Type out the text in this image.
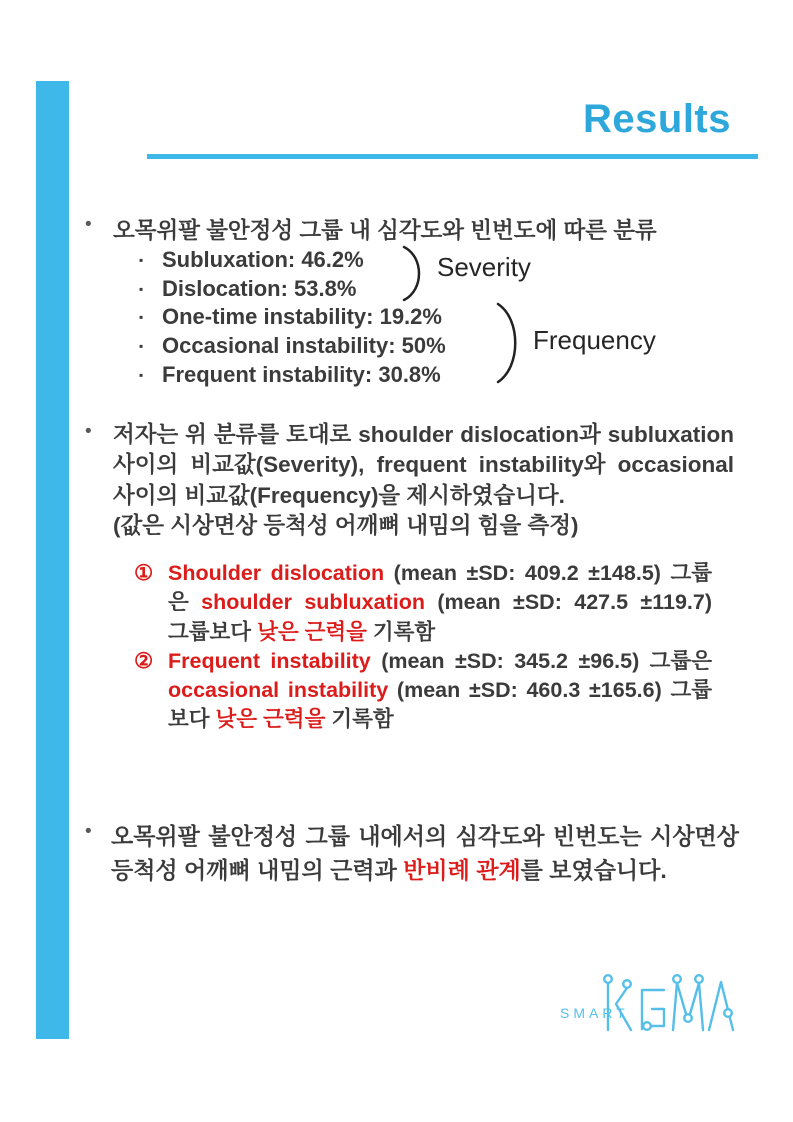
Results
• 오목위팔 불안정성 그룹 내 심각도와 빈번도에 따른 분류
▪ Subluxation: 46.2%
▪ Dislocation: 53.8%
▪ One-time instability: 19.2%
▪ Occasional instability: 50%
▪ Frequent instability: 30.8%
Severity
Frequency
• 저자는 위 분류를 토대로 shoulder dislocation과 subluxation
사이의 비교값(Severity), frequent instability와 occasional
사이의 비교값(Frequency)을 제시하였습니다.
(값은 시상면상 등척성 어깨뼈 내밈의 힘을 측정)
① Shoulder dislocation (mean ±SD: 409.2 ±148.5) 그룹
은 shoulder subluxation (mean ±SD: 427.5 ±119.7)
그룹보다 낮은 근력을 기록함
② Frequent instability (mean ±SD: 345.2 ±96.5) 그룹은
occasional instability (mean ±SD: 460.3 ±165.6) 그룹
보다 낮은 근력을 기록함
• 오목위팔 불안정성 그룹 내에서의 심각도와 빈번도는 시상면상
등척성 어깨뼈 내밈의 근력과 반비례 관계를 보였습니다.
SMART
